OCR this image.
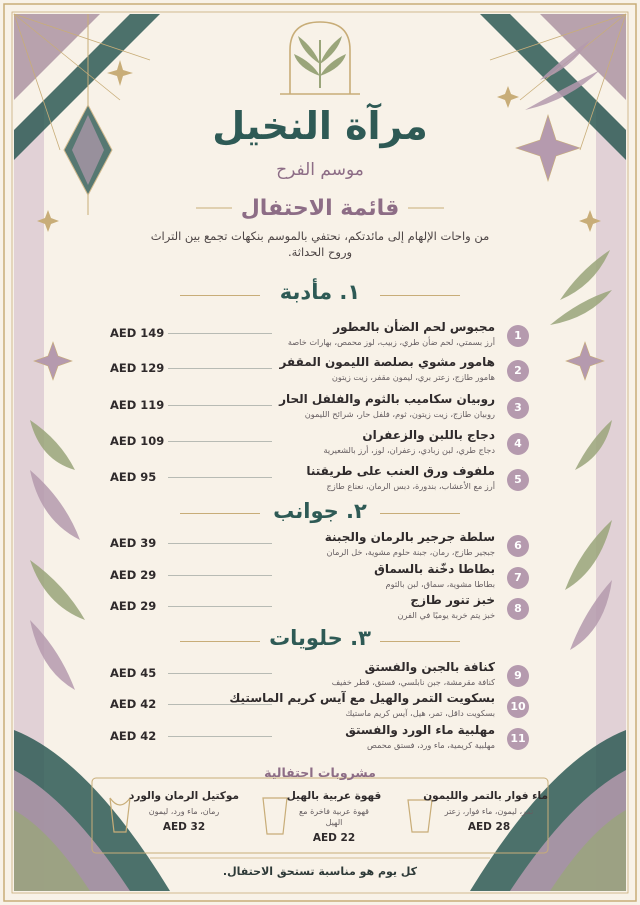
مرآة النخيل
موسم الفرح
قائمة الاحتفال
من واحات الإلهام إلى مائدتكم، نحتفي بالموسم بنكهات تجمع بين التراث وروح الحداثة.
١. مأدبة
1
مجبوس لحم الضأن بالعطور
أرز بسمتي، لحم ضأن طري، زبيب، لوز محمص، بهارات خاصة
AED 149
2
هامور مشوي بصلصة الليمون المقفر
هامور طازج، زعتر بري، ليمون مقفر، زيت زيتون
AED 129
3
روبيان سكاميب بالثوم والفلفل الحار
روبيان طازج، زيت زيتون، ثوم، فلفل حار، شرائح الليمون
AED 119
4
دجاج باللبن والزعفران
دجاج طري، لبن زبادي، زعفران، لوز، أرز بالشعيرية
AED 109
5
ملفوف ورق العنب على طريقتنا
أرز مع الأعشاب، بندورة، دبس الرمان، نعناع طازج
AED 95
٢. جوانب
6
سلطة جرجير بالرمان والجبنة
جبجير طازج، رمان، جبنة حلوم مشوية، خل الرمان
AED 39
7
بطاطا دخّنة بالسماق
بطاطا مشوية، سماق، لبن بالثوم
AED 29
8
خبز تنور طازج
خبز يتم خربة يوميًا في الفرن
AED 29
٣. حلويات
9
كنافة بالجبن والفستق
كنافة مقرمشة، جبن نابلسي، فستق، قطر خفيف
AED 45
10
بسكويت التمر والهيل مع آيس كريم الماستيك
بسكويت داقل، تمر، هيل، آيس كريم ماستيك
AED 42
11
مهلبية ماء الورد والفستق
مهلبية كريمية، ماء ورد، فستق محمص
AED 42
مشروبات احتفالية
ماء فوار بالتمر والليمون
تمر، ليمون، ماء فوار، زعتر
AED 28
قهوة عربية بالهيل
قهوة عربية فاخرة مع الهيل
AED 22
موكتيل الرمان والورد
رمان، ماء ورد، ليمون
AED 32
كل يوم هو مناسبة تستحق الاحتفال.
